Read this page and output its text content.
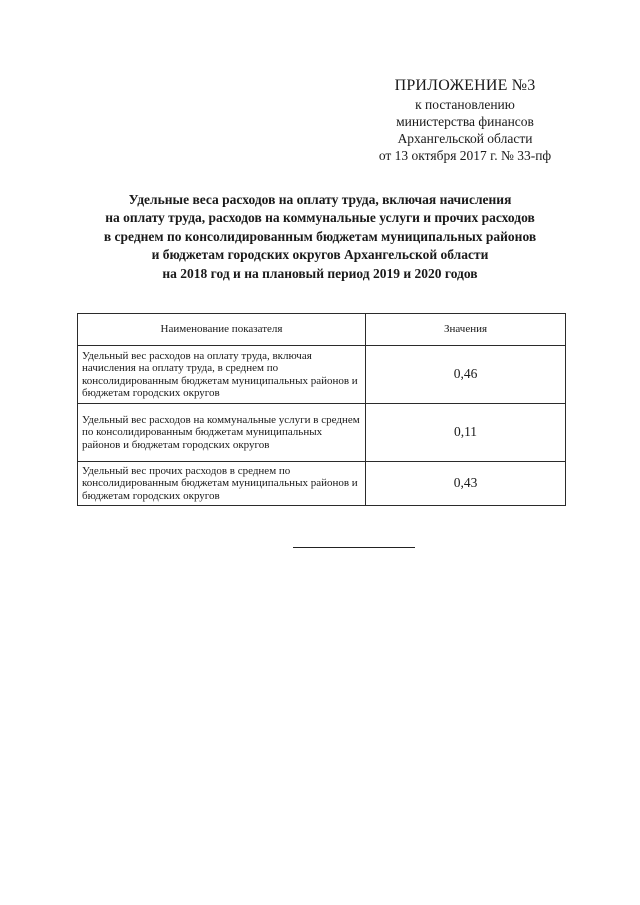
ПРИЛОЖЕНИЕ №3
к постановлению
министерства финансов
Архангельской области
от 13 октября 2017 г. № 33-пф
Удельные веса расходов на оплату труда, включая начисления
на оплату труда, расходов на коммунальные услуги и прочих расходов
в среднем по консолидированным бюджетам муниципальных районов
и бюджетам городских округов Архангельской области
на 2018 год и на плановый период 2019 и 2020 годов
Наименование показателя	Значения
Удельный вес расходов на оплату труда, включая начисления на оплату труда, в среднем по консолидированным бюджетам муниципальных районов и бюджетам городских округов	0,46
Удельный вес расходов на коммунальные услуги в среднем по консолидированным бюджетам муниципальных районов и бюджетам городских округов	0,11
Удельный вес прочих расходов в среднем по консолидированным бюджетам муниципальных районов и бюджетам городских округов	0,43
